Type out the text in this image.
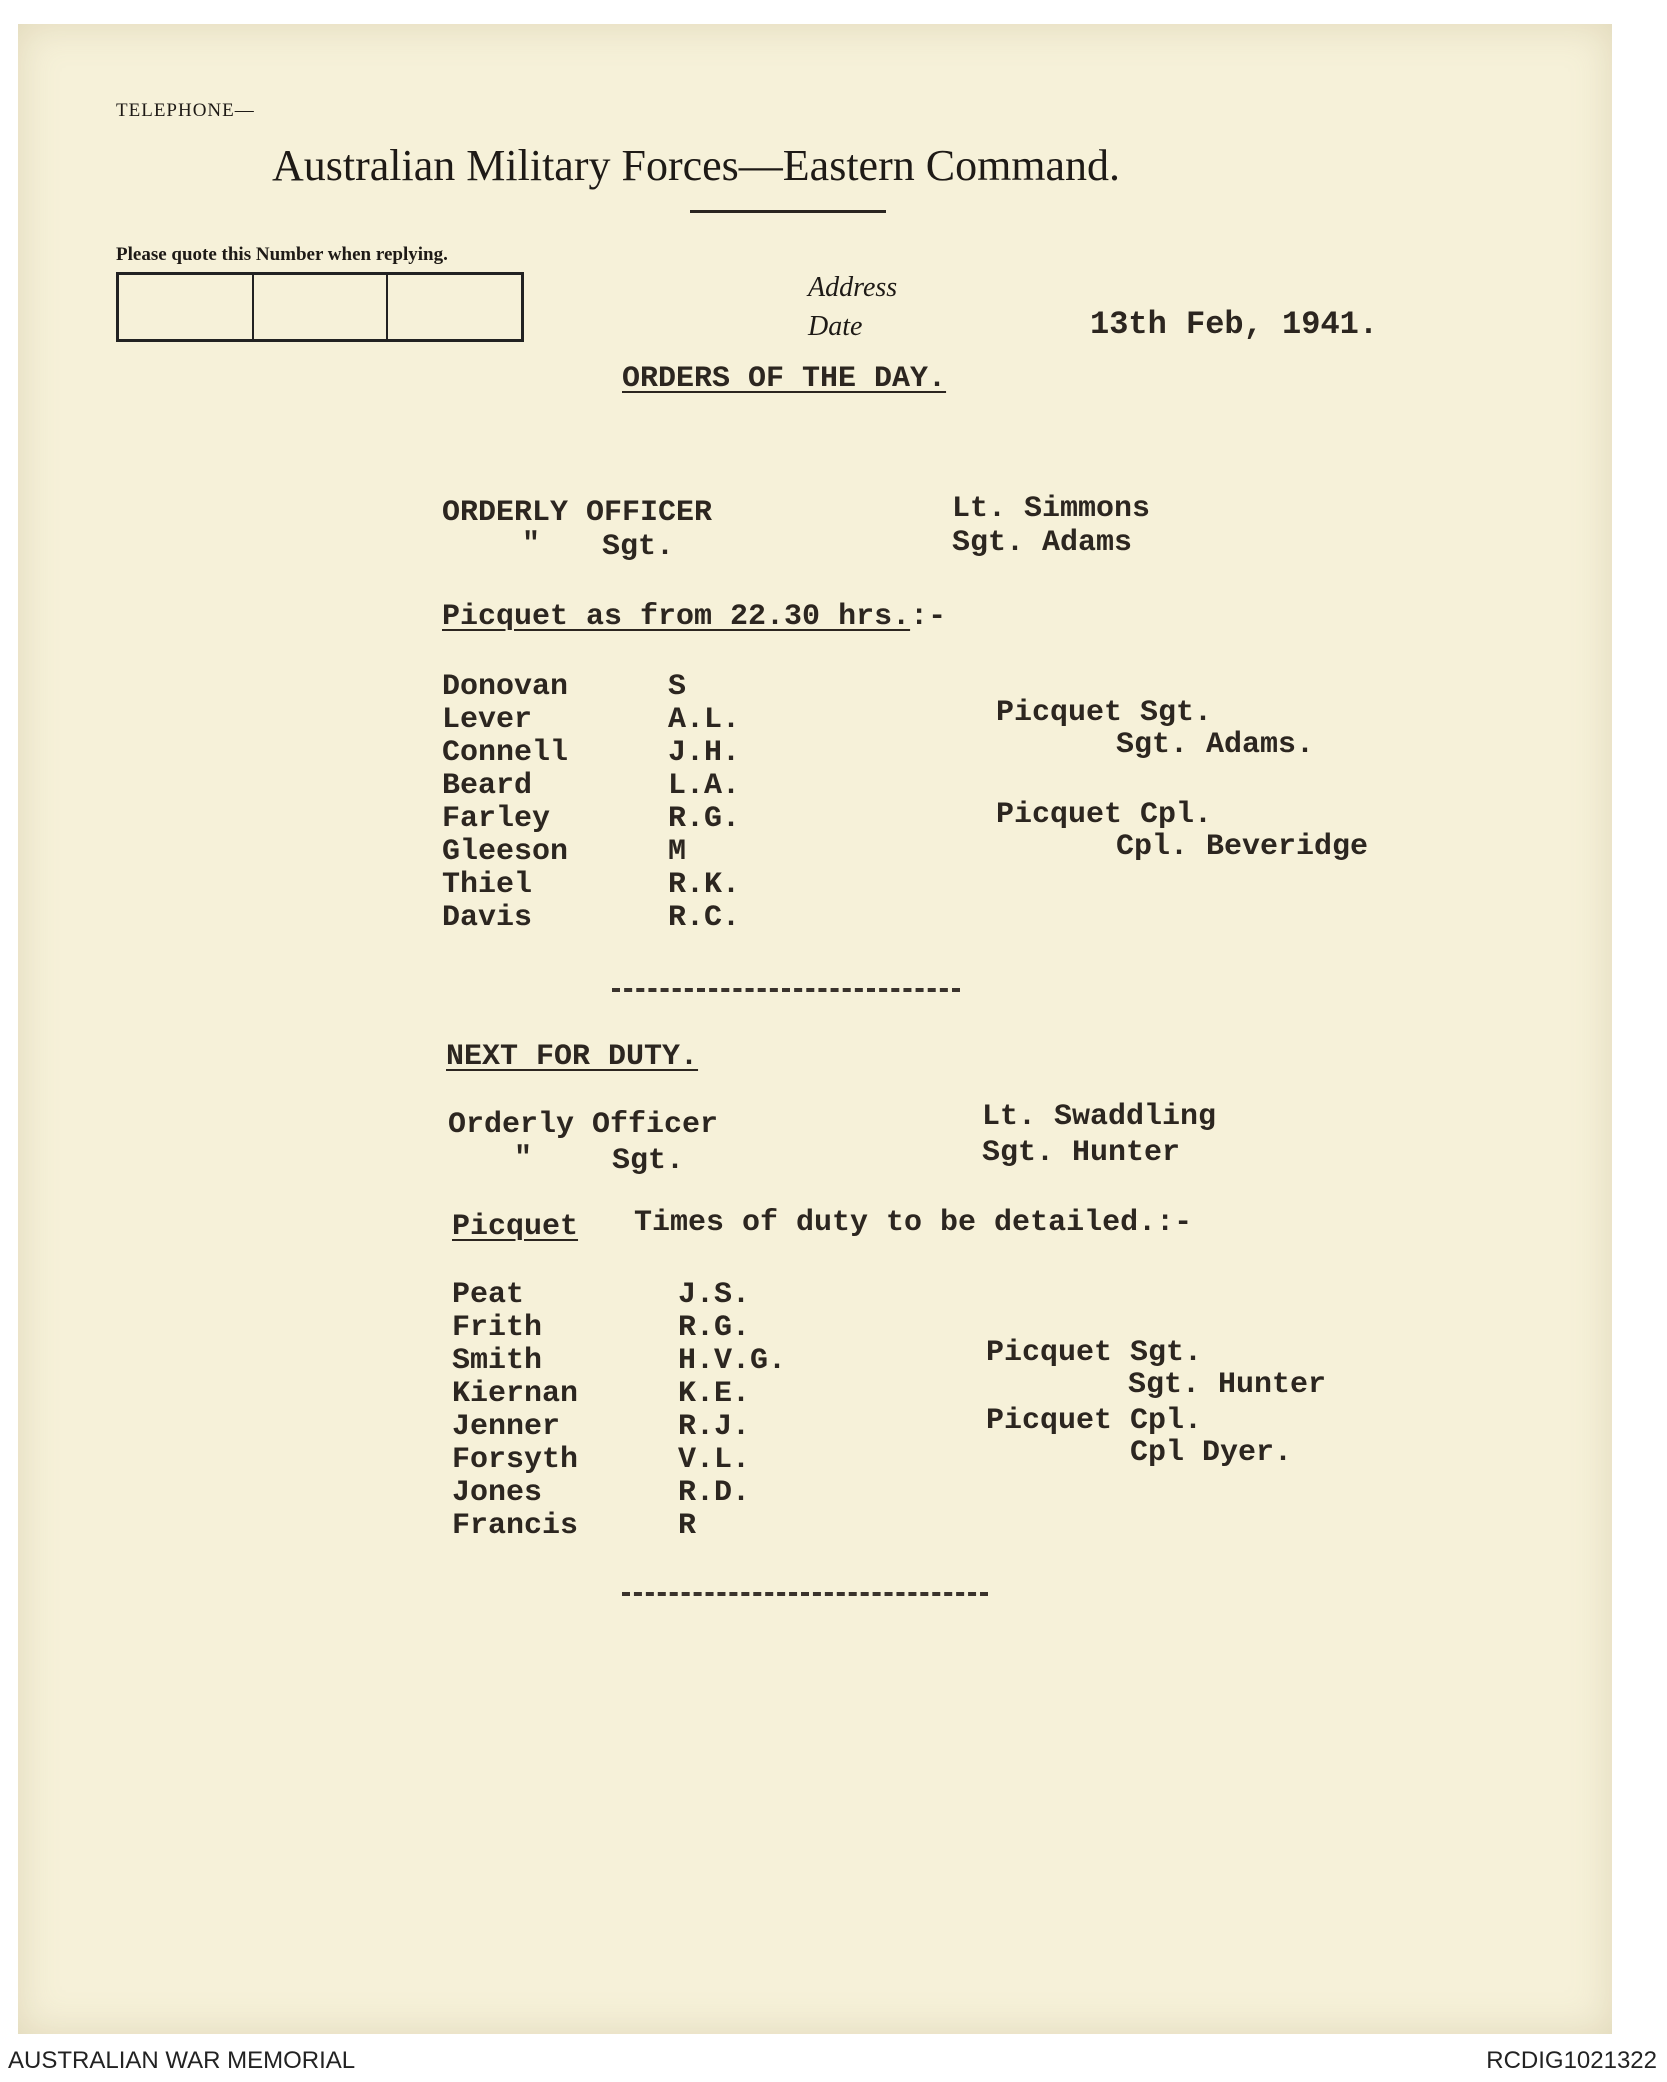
TELEPHONE—
Australian Military Forces—Eastern Command.
Please quote this Number when replying.
Address
Date	13th Feb, 1941.
ORDERS OF THE DAY.
ORDERLY OFFICER	Lt. Simmons
" Sgt.	Sgt. Adams
Picquet as from 22.30 hrs.:-
Donovan	S
Lever	A.L.
Connell	J.H.
Beard	L.A.
Farley	R.G.
Gleeson	M
Thiel	R.K.
Davis	R.C.
Picquet Sgt.
Sgt. Adams.
Picquet Cpl.
Cpl. Beveridge
NEXT FOR DUTY.
Orderly Officer	Lt. Swaddling
"	Sgt.	Sgt. Hunter
Picquet Times of duty to be detailed.:-
Peat	J.S.
Frith	R.G.
Smith	H.V.G.
Kiernan	K.E.
Jenner	R.J.
Forsyth	V.L.
Jones	R.D.
Francis	R
Picquet Sgt.
Sgt. Hunter
Picquet Cpl.
Cpl Dyer.
AUSTRALIAN WAR MEMORIAL	RCDIG1021322
